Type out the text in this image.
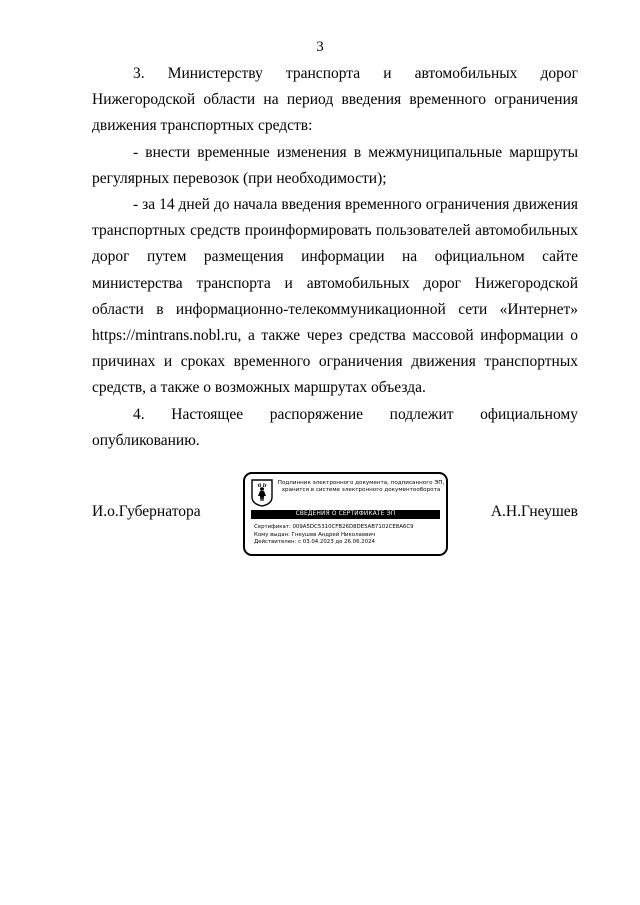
3

3. Министерству транспорта и автомобильных дорог Нижегородской области на период введения временного ограничения движения транспортных средств:

- внести временные изменения в межмуниципальные маршруты регулярных перевозок (при необходимости);

- за 14 дней до начала введения временного ограничения движения транспортных средств проинформировать пользователей автомобильных дорог путем размещения информации на официальном сайте министерства транспорта и автомобильных дорог Нижегородской области в информационно-телекоммуникационной сети «Интернет» https://mintrans.nobl.ru, а также через средства массовой информации о причинах и сроках временного ограничения движения транспортных средств, а также о возможных маршрутах объезда.

4. Настоящее распоряжение подлежит официальному опубликованию.

И.о.Губернатора	А.Н.Гнеушев
Подлинник электронного документа, подписанного ЭП,
хранится в системе электронного документооборота
СВЕДЕНИЯ О СЕРТИФИКАТЕ ЭП
Сертификат: 009A5DC5310CFB26D8DE5AB7102CE8A6C9
Кому выдан: Гнеушев Андрей Николаевич
Действителен: с 03.04.2023 до 26.06.2024
